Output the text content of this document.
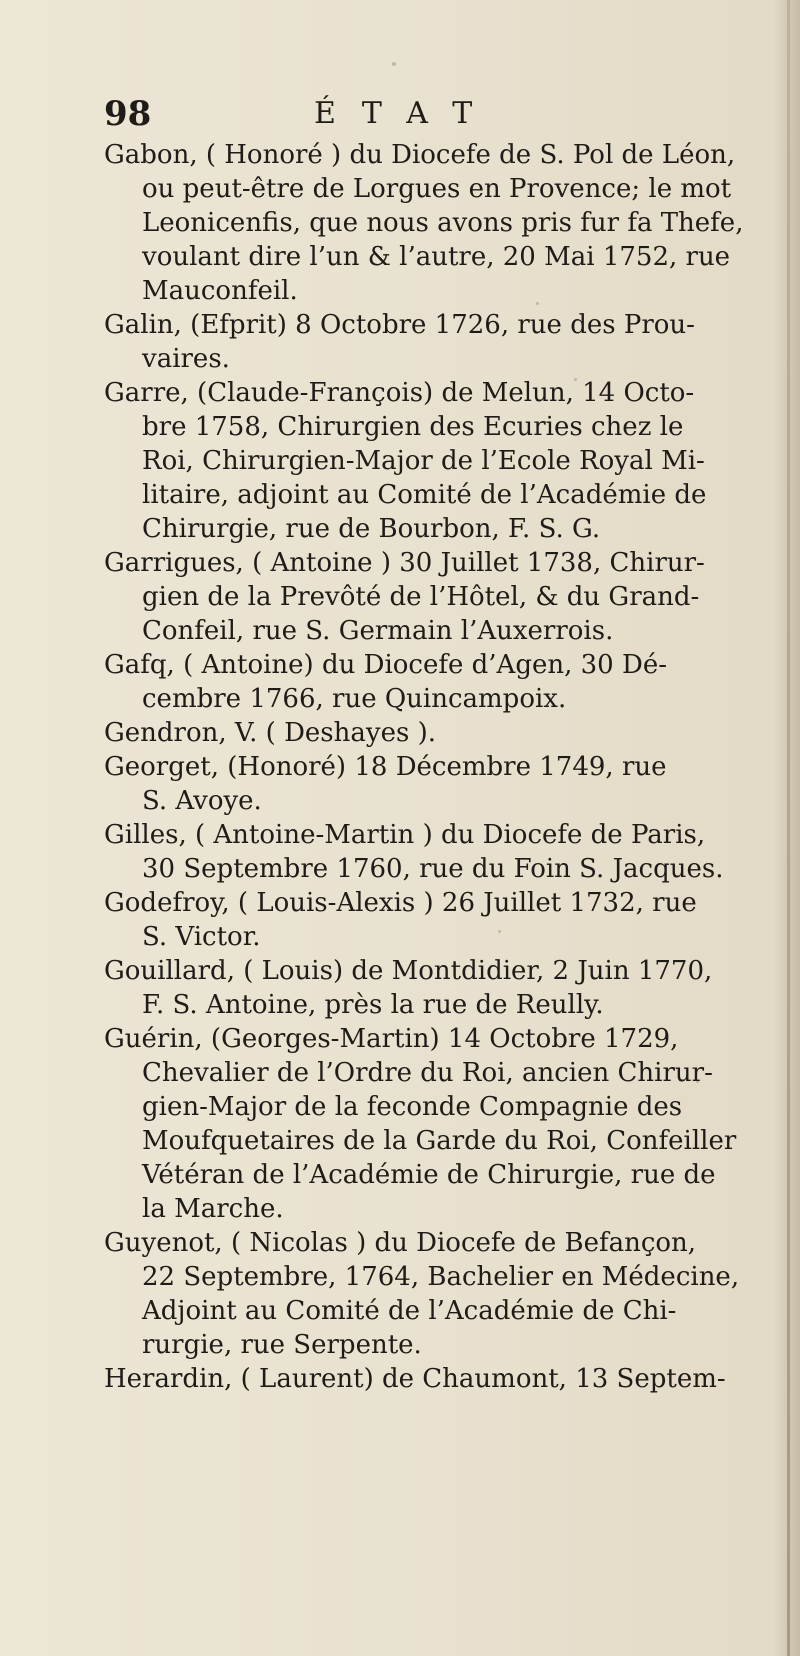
98	ÉTAT
Gabon, ( Honoré ) du Diocefe de S. Pol de Léon,
ou peut-être de Lorgues en Provence; le mot
Leonicenfis, que nous avons pris fur fa Thefe,
voulant dire l’un & l’autre, 20 Mai 1752, rue
Mauconfeil.
Galin, (Efprit) 8 Octobre 1726, rue des Prou-
vaires.
Garre, (Claude-François) de Melun, 14 Octo-
bre 1758, Chirurgien des Ecuries chez le
Roi, Chirurgien-Major de l’Ecole Royal Mi-
litaire, adjoint au Comité de l’Académie de
Chirurgie, rue de Bourbon, F. S. G.
Garrigues, ( Antoine ) 30 Juillet 1738, Chirur-
gien de la Prevôté de l’Hôtel, & du Grand-
Confeil, rue S. Germain l’Auxerrois.
Gafq, ( Antoine) du Diocefe d’Agen, 30 Dé-
cembre 1766, rue Quincampoix.
Gendron, V. ( Deshayes ).
Georget, (Honoré) 18 Décembre 1749, rue
S. Avoye.
Gilles, ( Antoine-Martin ) du Diocefe de Paris,
30 Septembre 1760, rue du Foin S. Jacques.
Godefroy, ( Louis-Alexis ) 26 Juillet 1732, rue
S. Victor.
Gouillard, ( Louis) de Montdidier, 2 Juin 1770,
F. S. Antoine, près la rue de Reully.
Guérin, (Georges-Martin) 14 Octobre 1729,
Chevalier de l’Ordre du Roi, ancien Chirur-
gien-Major de la feconde Compagnie des
Moufquetaires de la Garde du Roi, Confeiller
Vétéran de l’Académie de Chirurgie, rue de
la Marche.
Guyenot, ( Nicolas ) du Diocefe de Befançon,
22 Septembre, 1764, Bachelier en Médecine,
Adjoint au Comité de l’Académie de Chi-
rurgie, rue Serpente.
Herardin, ( Laurent) de Chaumont, 13 Septem-
